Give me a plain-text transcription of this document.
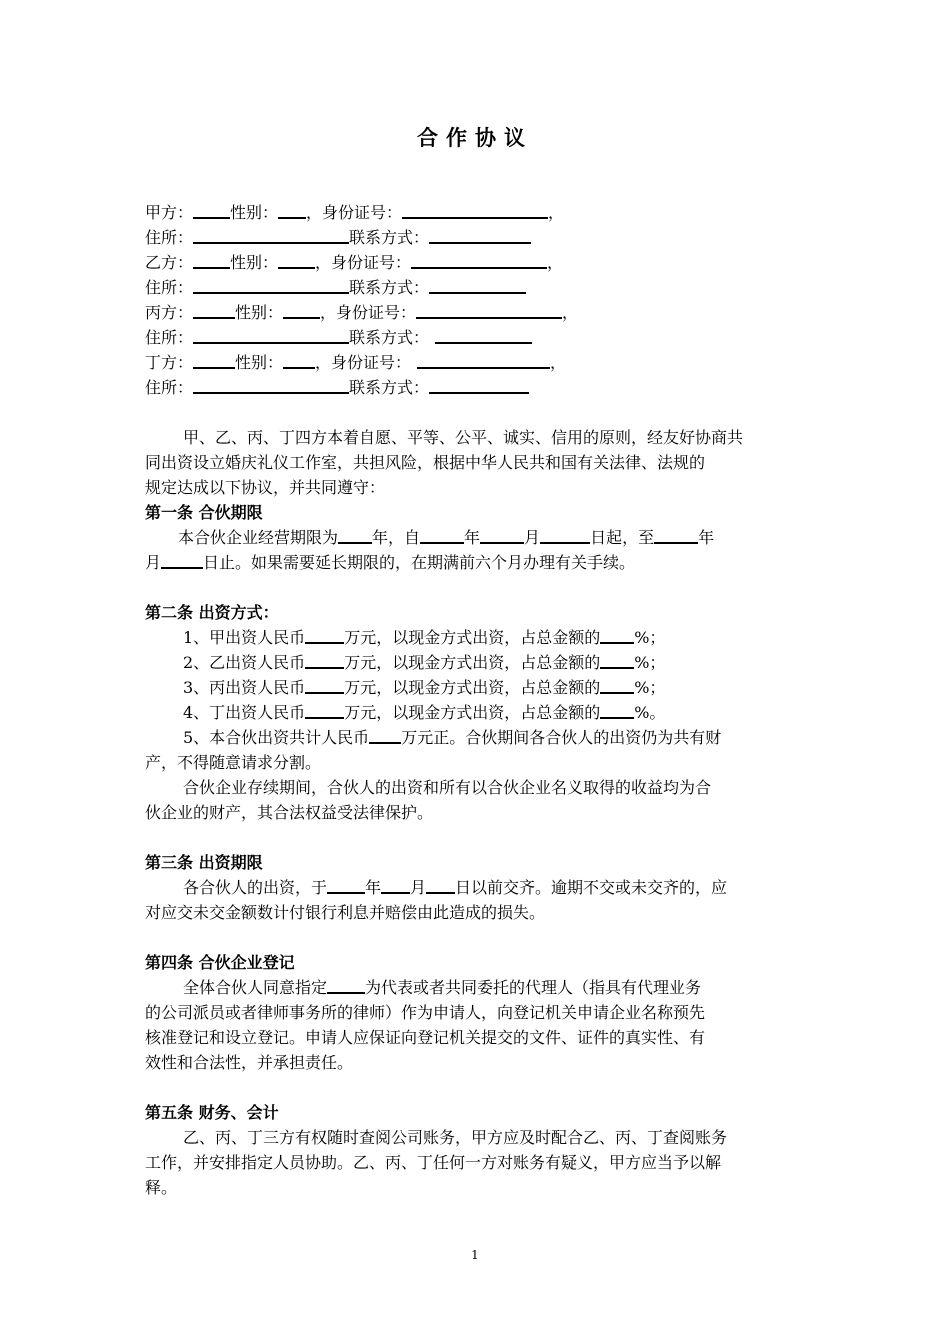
合作协议
甲方： 性别： ，身份证号：	，
住所：	联系方式：
乙方： 性别： ，身份证号：	，
住所：	联系方式：
丙方：	性别： ，身份证号：	，
住所：	联系方式：
丁方：	性别： ，身份证号：	，
住所：	联系方式：
甲、乙、丙、丁四方本着自愿、平等、公平、诚实、信用的原则，经友好协商共
同出资设立婚庆礼仪工作室，共担风险，根据中华人民共和国有关法律、法规的
规定达成以下协议，并共同遵守：
第一条 合伙期限
本合伙企业经营期限为 年，自	年	月	日起，至	年
月	日止。如果需要延长期限的，在期满前六个月办理有关手续。
第二条 出资方式：
1、甲出资人民币 万元，以现金方式出资，占总金额的 %；
2、乙出资人民币 万元，以现金方式出资，占总金额的 %；
3、丙出资人民币 万元，以现金方式出资，占总金额的 %；
4、丁出资人民币 万元，以现金方式出资，占总金额的 %。
5、本合伙出资共计人民币 万元正。合伙期间各合伙人的出资仍为共有财
产，不得随意请求分割。
合伙企业存续期间，合伙人的出资和所有以合伙企业名义取得的收益均为合
伙企业的财产，其合法权益受法律保护。
第三条 出资期限
各合伙人的出资，于 年 月 日以前交齐。逾期不交或未交齐的，应
对应交未交金额数计付银行利息并赔偿由此造成的损失。
第四条 合伙企业登记
全体合伙人同意指定 为代表或者共同委托的代理人（指具有代理业务
的公司派员或者律师事务所的律师）作为申请人，向登记机关申请企业名称预先
核准登记和设立登记。申请人应保证向登记机关提交的文件、证件的真实性、有
效性和合法性，并承担责任。
第五条 财务、会计
乙、丙、丁三方有权随时查阅公司账务，甲方应及时配合乙、丙、丁查阅账务
工作，并安排指定人员协助。乙、丙、丁任何一方对账务有疑义，甲方应当予以解
释。
1
